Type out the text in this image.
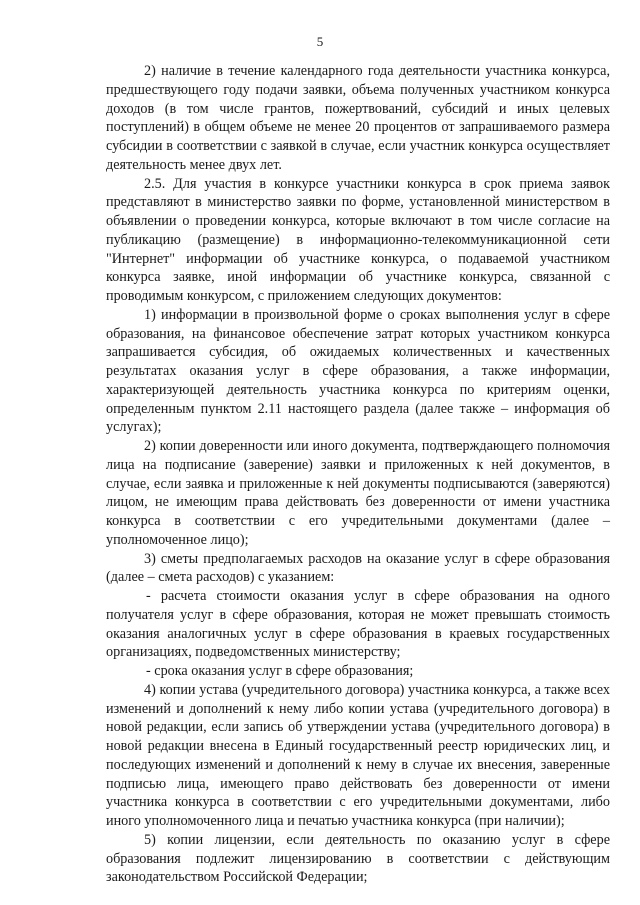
5

2) наличие в течение календарного года деятельности участника конкурса, предшествующего году подачи заявки, объема полученных участником конкурса доходов (в том числе грантов, пожертвований, субсидий и иных целевых поступлений) в общем объеме не менее 20 процентов от запрашиваемого размера субсидии в соответствии с заявкой в случае, если участник конкурса осуществляет деятельность менее двух лет.

2.5. Для участия в конкурсе участники конкурса в срок приема заявок представляют в министерство заявки по форме, установленной министерством в объявлении о проведении конкурса, которые включают в том числе согласие на публикацию (размещение) в информационно-телекоммуникационной сети "Интернет" информации об участнике конкурса, о подаваемой участником конкурса заявке, иной информации об участнике конкурса, связанной с проводимым конкурсом, с приложением следующих документов:

1) информации в произвольной форме о сроках выполнения услуг в сфере образования, на финансовое обеспечение затрат которых участником конкурса запрашивается субсидия, об ожидаемых количественных и качественных результатах оказания услуг в сфере образования, а также информации, характеризующей деятельность участника конкурса по критериям оценки, определенным пунктом 2.11 настоящего раздела (далее также – информация об услугах);

2) копии доверенности или иного документа, подтверждающего полномочия лица на подписание (заверение) заявки и приложенных к ней документов, в случае, если заявка и приложенные к ней документы подписываются (заверяются) лицом, не имеющим права действовать без доверенности от имени участника конкурса в соответствии с его учредительными документами (далее – уполномоченное лицо);

3) сметы предполагаемых расходов на оказание услуг в сфере образования (далее – смета расходов) с указанием:

- расчета стоимости оказания услуг в сфере образования на одного получателя услуг в сфере образования, которая не может превышать стоимость оказания аналогичных услуг в сфере образования в краевых государственных организациях, подведомственных министерству;

- срока оказания услуг в сфере образования;

4) копии устава (учредительного договора) участника конкурса, а также всех изменений и дополнений к нему либо копии устава (учредительного договора) в новой редакции, если запись об утверждении устава (учредительного договора) в новой редакции внесена в Единый государственный реестр юридических лиц, и последующих изменений и дополнений к нему в случае их внесения, заверенные подписью лица, имеющего право действовать без доверенности от имени участника конкурса в соответствии с его учредительными документами, либо иного уполномоченного лица и печатью участника конкурса (при наличии);

5) копии лицензии, если деятельность по оказанию услуг в сфере образования подлежит лицензированию в соответствии с действующим законодательством Российской Федерации;
